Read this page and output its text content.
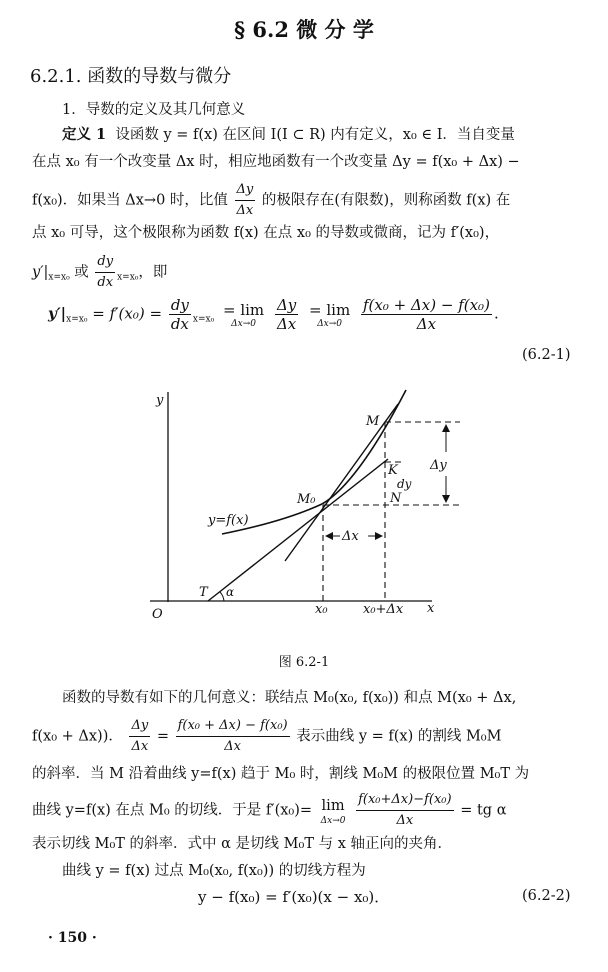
§ 6.2 微 分 学
6.2.1. 函数的导数与微分
1．导数的定义及其几何意义
定义 1 设函数 y = f(x) 在区间 I(I ⊂ R) 内有定义，x₀ ∈ I．当自变量
在点 x₀ 有一个改变量 Δx 时，相应地函数有一个改变量 Δy = f(x₀ + Δx) −
f(x₀)．如果当 Δx→0 时，比值 $\frac{\Delta y}{\Delta x}$ 的极限存在(有限数)，则称函数 f(x) 在
点 x₀ 可导，这个极限称为函数 f(x) 在点 x₀ 的导数或微商，记为 f′(x₀)，
$y'|_{x=x_0}$ 或 $\frac{dy}{dx} _{x=x_0}$，即
$y'|_{x=x_0} = f'(x_0) = \frac{dy}{dx} _{x=x_0}$
= lim
Δx→0
	$\frac{\Delta y}{\Delta x}$
= lim
Δx→0
	$\frac{\text{f(x₀ + Δx) − f(x₀)}}{\Delta x}$ .
(6.2-1)
y
x
O
y=f(x)
T α
M
M₀
K
N
dy
Δy
Δx
x₀	x₀+Δx
图 6.2-1
函数的导数有如下的几何意义：联结点 M₀(x₀, f(x₀)) 和点 M(x₀ + Δx,
f(x₀ + Δx))． $\frac{\Delta y}{\Delta x} = \frac{\text{f(x₀ + Δx) − f(x₀)}}{\Delta x}$ 表示曲线 y = f(x) 的割线 M₀M
的斜率．当 M 沿着曲线 y=f(x) 趋于 M₀ 时，割线 M₀M 的极限位置 M₀T 为
曲线 y=f(x) 在点 M₀ 的切线．于是 f′(x₀)= lim
Δx→0
$\frac{\text{f(x₀+Δx)−f(x₀)}}{\Delta x}$ = tg α
表示切线 M₀T 的斜率．式中 α 是切线 M₀T 与 x 轴正向的夹角．
曲线 y = f(x) 过点 M₀(x₀, f(x₀)) 的切线方程为
y − f(x₀) = f′(x₀)(x − x₀)．	(6.2-2)
· 150 ·
